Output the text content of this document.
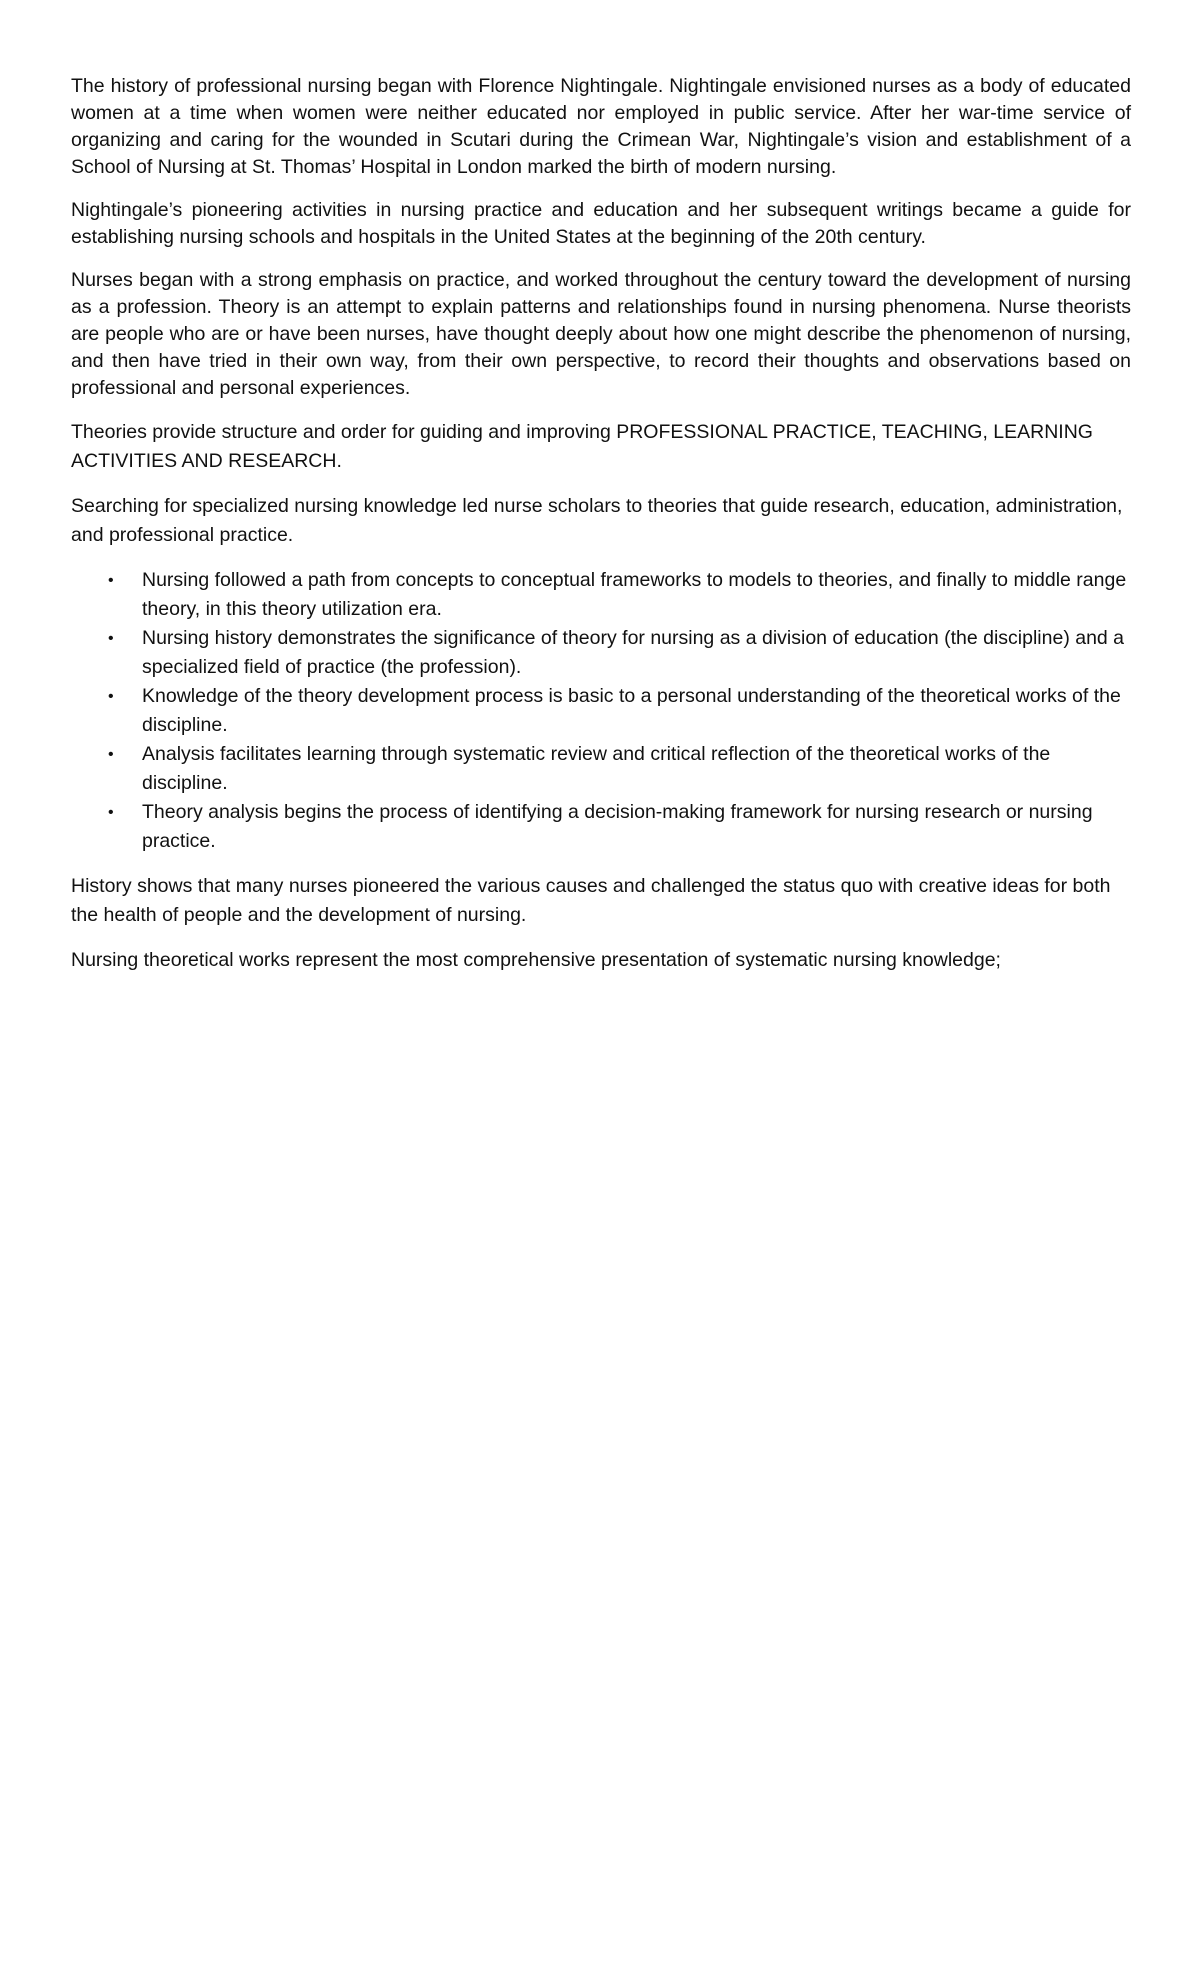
The history of professional nursing began with Florence Nightingale. Nightingale envisioned nurses as a body of educated women at a time when women were neither educated nor employed in public service. After her war-time service of organizing and caring for the wounded in Scutari during the Crimean War, Nightingale’s vision and establishment of a School of Nursing at St. Thomas’ Hospital in London marked the birth of modern nursing.

Nightingale’s pioneering activities in nursing practice and education and her subsequent writings became a guide for establishing nursing schools and hospitals in the United States at the beginning of the 20th century.

Nurses began with a strong emphasis on practice, and worked throughout the century toward the development of nursing as a profession. Theory is an attempt to explain patterns and relationships found in nursing phenomena. Nurse theorists are people who are or have been nurses, have thought deeply about how one might describe the phenomenon of nursing, and then have tried in their own way, from their own perspective, to record their thoughts and observations based on professional and personal experiences.

Theories provide structure and order for guiding and improving PROFESSIONAL PRACTICE, TEACHING, LEARNING ACTIVITIES AND RESEARCH.

Searching for specialized nursing knowledge led nurse scholars to theories that guide research, education, administration, and professional practice.

• Nursing followed a path from concepts to conceptual frameworks to models to theories, and finally to middle range theory, in this theory utilization era.
• Nursing history demonstrates the significance of theory for nursing as a division of education (the discipline) and a specialized field of practice (the profession).
• Knowledge of the theory development process is basic to a personal understanding of the theoretical works of the discipline.
• Analysis facilitates learning through systematic review and critical reflection of the theoretical works of the discipline.
• Theory analysis begins the process of identifying a decision-making framework for nursing research or nursing practice.

History shows that many nurses pioneered the various causes and challenged the status quo with creative ideas for both the health of people and the development of nursing.

Nursing theoretical works represent the most comprehensive presentation of systematic nursing knowledge;
